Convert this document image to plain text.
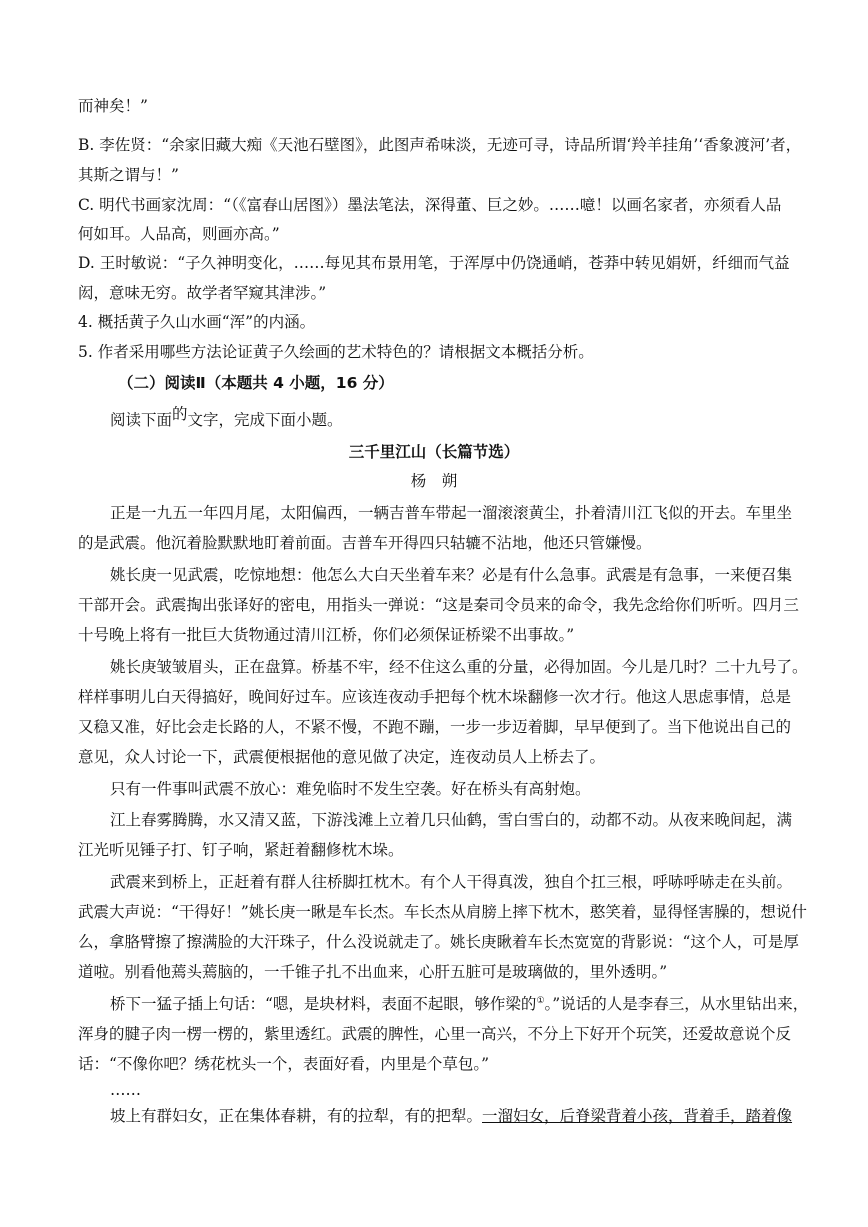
而神矣！”
B. 李佐贤：“余家旧藏大痴《天池石壁图》，此图声希味淡，无迹可寻，诗品所谓‘羚羊挂角’‘香象渡河’者，
其斯之谓与！”
C. 明代书画家沈周：“（《富春山居图》）墨法笔法，深得董、巨之妙。……噫！以画名家者，亦须看人品
何如耳。人品高，则画亦高。”
D. 王时敏说：“子久神明变化，……每见其布景用笔，于浑厚中仍饶通峭，苍莽中转见娟妍，纤细而气益
闳，意味无穷。故学者罕窥其津涉。”
4. 概括黄子久山水画“浑”的内涵。
5. 作者采用哪些方法论证黄子久绘画的艺术特色的？请根据文本概括分析。
（二）阅读Ⅱ（本题共 4 小题，16 分）
阅读下面的文字，完成下面小题。
三千里江山（长篇节选）
杨　朔
正是一九五一年四月尾，太阳偏西，一辆吉普车带起一溜滚滚黄尘，扑着清川江飞似的开去。车里坐
的是武震。他沉着脸默默地盯着前面。吉普车开得四只轱辘不沾地，他还只管嫌慢。
姚长庚一见武震，吃惊地想：他怎么大白天坐着车来？必是有什么急事。武震是有急事，一来便召集
干部开会。武震掏出张译好的密电，用指头一弹说：“这是秦司令员来的命令，我先念给你们听听。四月三
十号晚上将有一批巨大货物通过清川江桥，你们必须保证桥梁不出事故。”
姚长庚皱皱眉头，正在盘算。桥基不牢，经不住这么重的分量，必得加固。今儿是几时？二十九号了。
样样事明儿白天得搞好，晚间好过车。应该连夜动手把每个枕木垛翻修一次才行。他这人思虑事情，总是
又稳又准，好比会走长路的人，不紧不慢，不跑不蹦，一步一步迈着脚，早早便到了。当下他说出自己的
意见，众人讨论一下，武震便根据他的意见做了决定，连夜动员人上桥去了。
只有一件事叫武震不放心：难免临时不发生空袭。好在桥头有高射炮。
江上春雾腾腾，水又清又蓝，下游浅滩上立着几只仙鹤，雪白雪白的，动都不动。从夜来晚间起，满
江光听见锤子打、钉子响，紧赶着翻修枕木垛。
武震来到桥上，正赶着有群人往桥脚扛枕木。有个人干得真泼，独自个扛三根，呼哧呼哧走在头前。
武震大声说：“干得好！”姚长庚一瞅是车长杰。车长杰从肩膀上摔下枕木，憨笑着，显得怪害臊的，想说什
么，拿胳臂擦了擦满脸的大汗珠子，什么没说就走了。姚长庚瞅着车长杰宽宽的背影说：“这个人，可是厚
道啦。别看他蔫头蔫脑的，一千锥子扎不出血来，心肝五脏可是玻璃做的，里外透明。”
桥下一猛子插上句话：“嗯，是块材料，表面不起眼，够作梁的①。”说话的人是李春三，从水里钻出来，
浑身的腱子肉一楞一楞的，紫里透红。武震的脾性，心里一高兴，不分上下好开个玩笑，还爱故意说个反
话：“不像你吧？绣花枕头一个，表面好看，内里是个草包。”
……
坡上有群妇女，正在集体春耕，有的拉犁，有的把犁。一溜妇女，后脊梁背着小孩，背着手，踏着像
